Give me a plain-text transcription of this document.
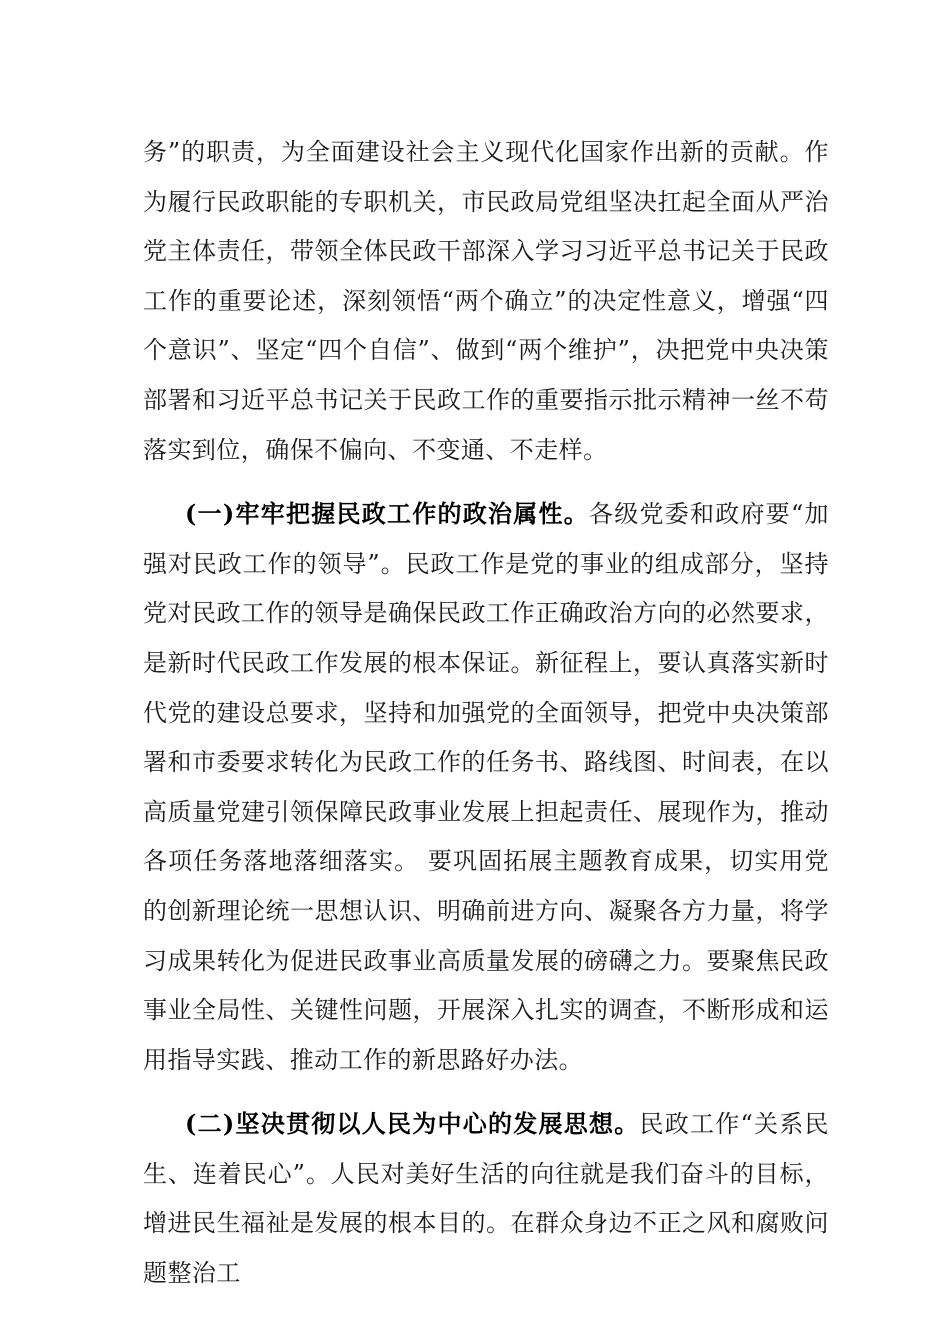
务”的职责，为全面建设社会主义现代化国家作出新的贡献。作为履行民政职能的专职机关，市民政局党组坚决扛起全面从严治党主体责任，带领全体民政干部深入学习习近平总书记关于民政工作的重要论述，深刻领悟“两个确立”的决定性意义，增强“四个意识”、坚定“四个自信”、做到“两个维护”，决把党中央决策部署和习近平总书记关于民政工作的重要指示批示精神一丝不苟落实到位，确保不偏向、不变通、不走样。

(一)牢牢把握民政工作的政治属性。各级党委和政府要“加强对民政工作的领导”。民政工作是党的事业的组成部分，坚持党对民政工作的领导是确保民政工作正确政治方向的必然要求，是新时代民政工作发展的根本保证。新征程上，要认真落实新时代党的建设总要求，坚持和加强党的全面领导，把党中央决策部署和市委要求转化为民政工作的任务书、路线图、时间表，在以高质量党建引领保障民政事业发展上担起责任、展现作为，推动各项任务落地落细落实。 要巩固拓展主题教育成果，切实用党的创新理论统一思想认识、明确前进方向、凝聚各方力量，将学习成果转化为促进民政事业高质量发展的磅礴之力。要聚焦民政事业全局性、关键性问题，开展深入扎实的调查，不断形成和运用指导实践、推动工作的新思路好办法。

(二)坚决贯彻以人民为中心的发展思想。民政工作“关系民生、连着民心”。人民对美好生活的向往就是我们奋斗的目标，增进民生福祉是发展的根本目的。在群众身边不正之风和腐败问题整治工
